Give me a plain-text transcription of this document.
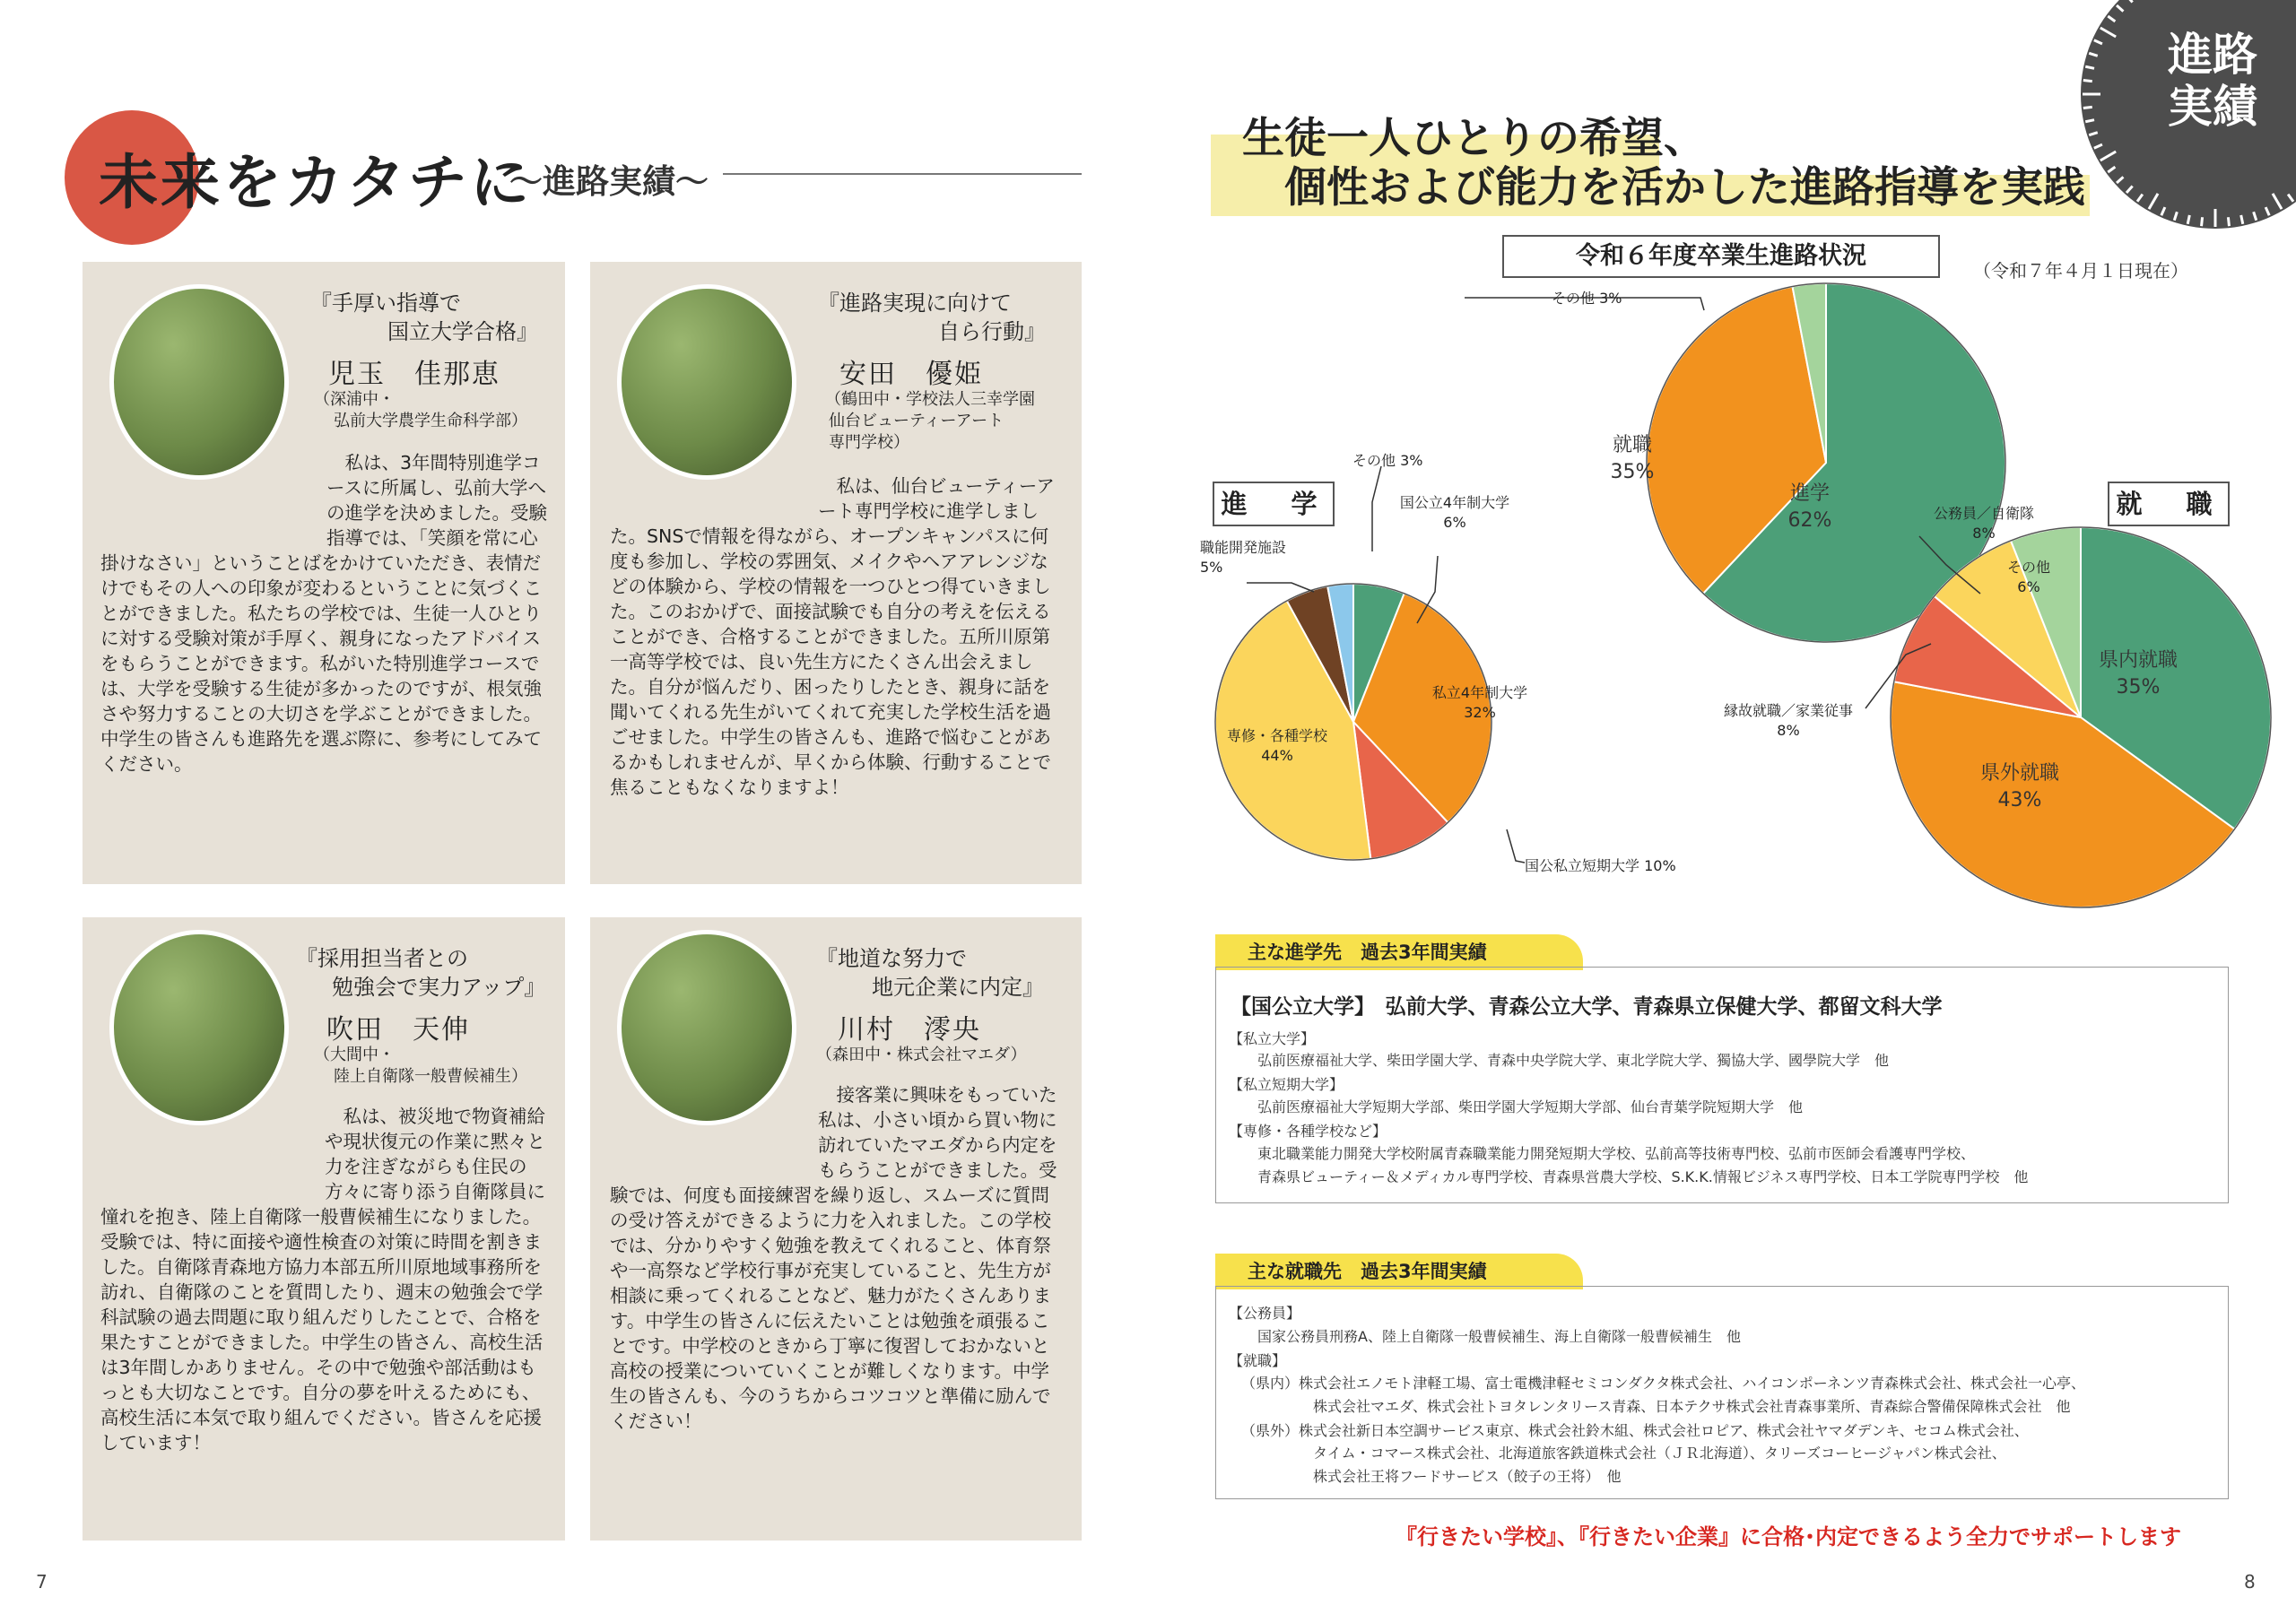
未来をカタチに
～進路実績～
『手厚い指導で
国立大学合格』
児玉　佳那恵
（深浦中・
弘前大学農学生命科学部）

私は、3年間特別進学コースに所属し、弘前大学への進学を決めました。受験指導では、「笑顔を常に心掛けなさい」ということばをかけていただき、表情だけでもその人への印象が変わるということに気づくことができました。私たちの学校では、生徒一人ひとりに対する受験対策が手厚く、親身になったアドバイスをもらうことができます。私がいた特別進学コースでは、大学を受験する生徒が多かったのですが、根気強さや努力することの大切さを学ぶことができました。中学生の皆さんも進路先を選ぶ際に、参考にしてみてください。

『進路実現に向けて
自ら行動』
安田　優姫
（鶴田中・学校法人三幸学園
仙台ビューティーアート
専門学校）

私は、仙台ビューティーアート専門学校に進学しました。SNSで情報を得ながら、オープンキャンパスに何度も参加し、学校の雰囲気、メイクやヘアアレンジなどの体験から、学校の情報を一つひとつ得ていきました。このおかげで、面接試験でも自分の考えを伝えることができ、合格することができました。五所川原第一高等学校では、良い先生方にたくさん出会えました。自分が悩んだり、困ったりしたとき、親身に話を聞いてくれる先生がいてくれて充実した学校生活を過ごせました。中学生の皆さんも、進路で悩むことがあるかもしれませんが、早くから体験、行動することで焦ることもなくなりますよ！

『採用担当者との
勉強会で実力アップ』
吹田　天伸
（大間中・
陸上自衛隊一般曹候補生）

私は、被災地で物資補給や現状復元の作業に黙々と力を注ぎながらも住民の方々に寄り添う自衛隊員に憧れを抱き、陸上自衛隊一般曹候補生になりました。受験では、特に面接や適性検査の対策に時間を割きました。自衛隊青森地方協力本部五所川原地域事務所を訪れ、自衛隊のことを質問したり、週末の勉強会で学科試験の過去問題に取り組んだりしたことで、合格を果たすことができました。中学生の皆さん、高校生活は3年間しかありません。その中で勉強や部活動はもっとも大切なことです。自分の夢を叶えるためにも、高校生活に本気で取り組んでください。皆さんを応援しています！

『地道な努力で
地元企業に内定』
川村　澪央
（森田中・株式会社マエダ）

接客業に興味をもっていた私は、小さい頃から買い物に訪れていたマエダから内定をもらうことができました。受験では、何度も面接練習を繰り返し、スムーズに質問の受け答えができるように力を入れました。この学校では、分かりやすく勉強を教えてくれること、体育祭や一高祭など学校行事が充実していること、先生方が相談に乗ってくれることなど、魅力がたくさんあります。中学生の皆さんに伝えたいことは勉強を頑張ることです。中学校のときから丁寧に復習しておかないと高校の授業についていくことが難しくなります。中学生の皆さんも、今のうちからコツコツと準備に励んでください！

7
進路
実績
生徒一人ひとりの希望、
個性および能力を活かした進路指導を実践
令和６年度卒業生進路状況
（令和７年４月１日現在）
進　学	就　職
その他 3%
就職
35%
進学
62%
その他 3%
国公立4年制大学
6%
職能開発施設
5%
私立4年制大学
32%
専修・各種学校
44%
国公私立短期大学 10%
公務員／自衛隊
8%
その他
6%
県内就職
35%
県外就職
43%
縁故就職／家業従事
8%
主な進学先　過去3年間実績
【国公立大学】　弘前大学、青森公立大学、青森県立保健大学、都留文科大学
【私立大学】
弘前医療福祉大学、柴田学園大学、青森中央学院大学、東北学院大学、獨協大学、國學院大学　他
【私立短期大学】
弘前医療福祉大学短期大学部、柴田学園大学短期大学部、仙台青葉学院短期大学　他
【専修・各種学校など】
東北職業能力開発大学校附属青森職業能力開発短期大学校、弘前高等技術専門校、弘前市医師会看護専門学校、
青森県ビューティー＆メディカル専門学校、青森県営農大学校、S.K.K.情報ビジネス専門学校、日本工学院専門学校　他
主な就職先　過去3年間実績
【公務員】
国家公務員刑務A、陸上自衛隊一般曹候補生、海上自衛隊一般曹候補生　他
【就職】
（県内）株式会社エノモト津軽工場、富士電機津軽セミコンダクタ株式会社、ハイコンポーネンツ青森株式会社、株式会社一心亭、
株式会社マエダ、株式会社トヨタレンタリース青森、日本テクサ株式会社青森事業所、青森綜合警備保障株式会社　他
（県外）株式会社新日本空調サービス東京、株式会社鈴木組、株式会社ロピア、株式会社ヤマダデンキ、セコム株式会社、
タイム・コマース株式会社、北海道旅客鉄道株式会社（ＪＲ北海道）、タリーズコーヒージャパン株式会社、
株式会社王将フードサービス（餃子の王将）　他
『行きたい学校』、『行きたい企業』に合格･内定できるよう全力でサポートします
8
